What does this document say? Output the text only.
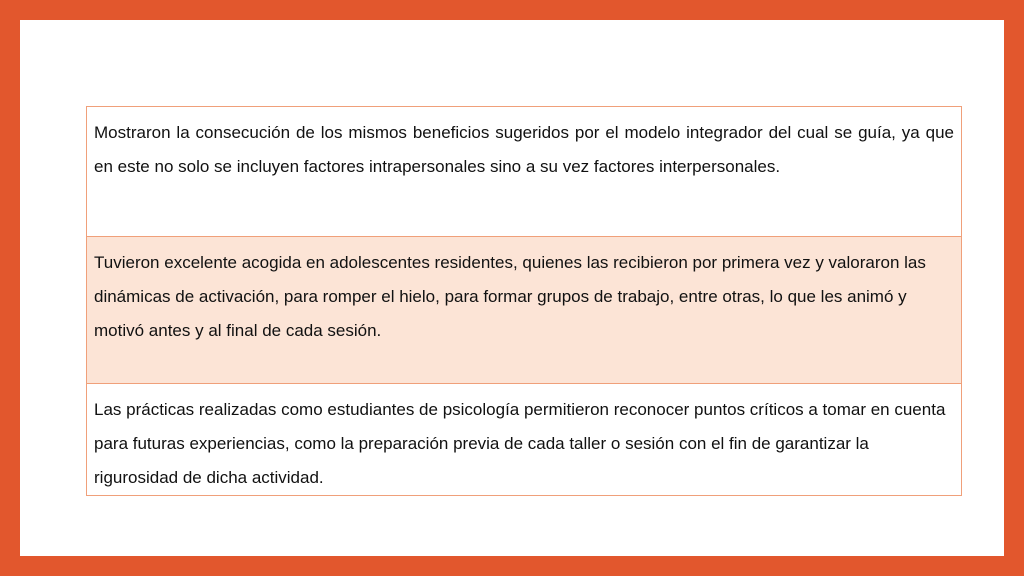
Mostraron la consecución de los mismos beneficios sugeridos por el modelo integrador del cual se guía, ya que en este no solo se incluyen factores intrapersonales sino a su vez factores interpersonales.

Tuvieron excelente acogida en adolescentes residentes, quienes las recibieron por primera vez y valoraron las dinámicas de activación, para romper el hielo, para formar grupos de trabajo, entre otras, lo que les animó y motivó antes y al final de cada sesión.
Las prácticas realizadas como estudiantes de psicología permitieron reconocer puntos críticos a tomar en cuenta para futuras experiencias, como la preparación previa de cada taller o sesión con el fin de garantizar la rigurosidad de dicha actividad.
